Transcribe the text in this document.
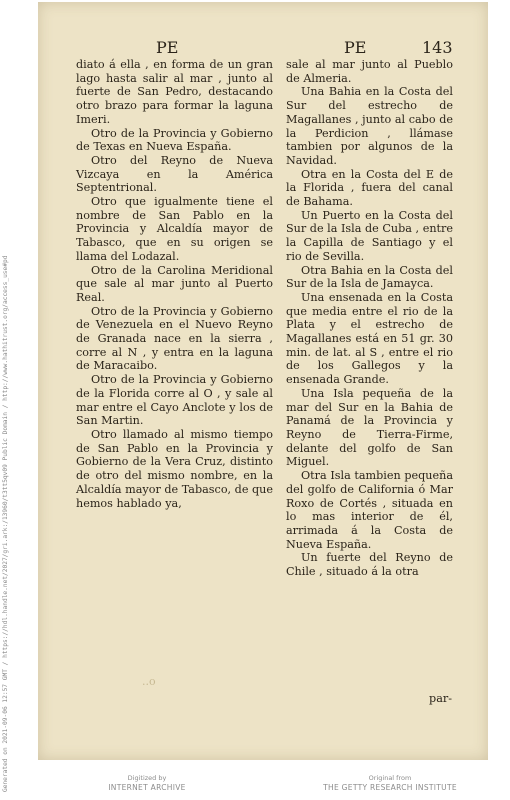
Generated on 2021-09-06 12:57 GMT / https://hdl.handle.net/2027/gri.ark:/13960/t3tt5qv09 Public Domain / http://www.hathitrust.org/access_use#pd
PE	PE	143

diato á ella , en forma de un gran lago hasta salir al mar , junto al fuerte de San Pedro, destacando otro brazo para formar la laguna Imeri.

Otro de la Provincia y Gobierno de Texas en Nueva España.

Otro del Reyno de Nueva Vizcaya en la América Septentrional.

Otro que igualmente tiene el nombre de San Pablo en la Provincia y Alcaldía mayor de Tabasco, que en su origen se llama del Lodazal.

Otro de la Carolina Meridional que sale al mar junto al Puerto Real.

Otro de la Provincia y Gobierno de Venezuela en el Nuevo Reyno de Granada nace en la sierra , corre al N , y entra en la laguna de Maracaibo.

Otro de la Provincia y Gobierno de la Florida corre al O , y sale al mar entre el Cayo Anclote y los de San Martin.

Otro llamado al mismo tiempo de San Pablo en la Provincia y Gobierno de la Vera Cruz, distinto de otro del mismo nombre, en la Alcaldía mayor de Tabasco, de que hemos hablado ya,

sale al mar junto al Pueblo de Almeria.

Una Bahia en la Costa del Sur del estrecho de Magallanes , junto al cabo de la Perdicion , llámase tambien por algunos de la Navidad.

Otra en la Costa del E de la Florida , fuera del canal de Bahama.

Un Puerto en la Costa del Sur de la Isla de Cuba , entre la Capilla de Santiago y el rio de Sevilla.

Otra Bahia en la Costa del Sur de la Isla de Jamayca.

Una ensenada en la Costa que media entre el rio de la Plata y el estrecho de Magallanes está en 51 gr. 30 min. de lat. al S , entre el rio de los Gallegos y la ensenada Grande.

Una Isla pequeña de la mar del Sur en la Bahia de Panamá de la Provincia y Reyno de Tierra-Firme, delante del golfo de San Miguel.

Otra Isla tambien pequeña del golfo de California ó Mar Roxo de Cortés , situada en lo mas interior de él, arrimada á la Costa de Nueva España.

Un fuerte del Reyno de Chile , situado á la otra

..o
par-
Digitized by
INTERNET ARCHIVE
Original from
THE GETTY RESEARCH INSTITUTE
